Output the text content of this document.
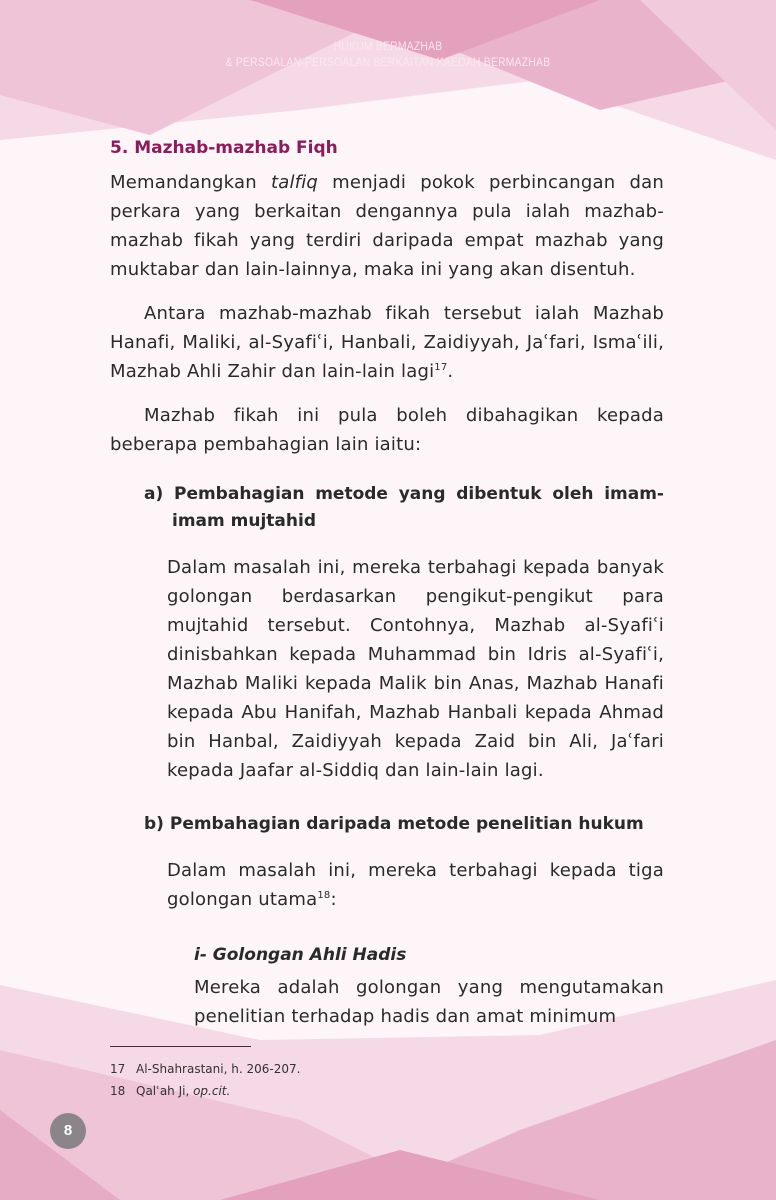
HUKUM BERMAZHAB
& PERSOALAN-PERSOALAN BERKAITAN KAEDAH BERMAZHAB
5. Mazhab-mazhab Fiqh

Memandangkan talfiq menjadi pokok perbincangan dan perkara yang berkaitan dengannya pula ialah mazhab-mazhab fikah yang terdiri daripada empat mazhab yang muktabar dan lain-lainnya, maka ini yang akan disentuh.

Antara mazhab-mazhab fikah tersebut ialah Mazhab Hanafi, Maliki, al-Syafiʿi, Hanbali, Zaidiyyah, Jaʿfari, Ismaʿili, Mazhab Ahli Zahir dan lain-lain lagi$^{17}$.

Mazhab fikah ini pula boleh dibahagikan kepada beberapa pembahagian lain iaitu:

a) Pembahagian metode yang dibentuk oleh imam-imam mujtahid

Dalam masalah ini, mereka terbahagi kepada banyak golongan berdasarkan pengikut-pengikut para mujtahid tersebut. Contohnya, Mazhab al-Syafiʿi dinisbahkan kepada Muhammad bin Idris al-Syafiʿi, Mazhab Maliki kepada Malik bin Anas, Mazhab Hanafi kepada Abu Hanifah, Mazhab Hanbali kepada Ahmad bin Hanbal, Zaidiyyah kepada Zaid bin Ali, Jaʿfari kepada Jaafar al-Siddiq dan lain-lain lagi.

b) Pembahagian daripada metode penelitian hukum

Dalam masalah ini, mereka terbahagi kepada tiga golongan utama$^{18}$:

i- Golongan Ahli Hadis

Mereka adalah golongan yang mengutamakan penelitian terhadap hadis dan amat minimum

17 Al-Shahrastani, h. 206-207.
18 Qalʿah Ji, op.cit.
8
